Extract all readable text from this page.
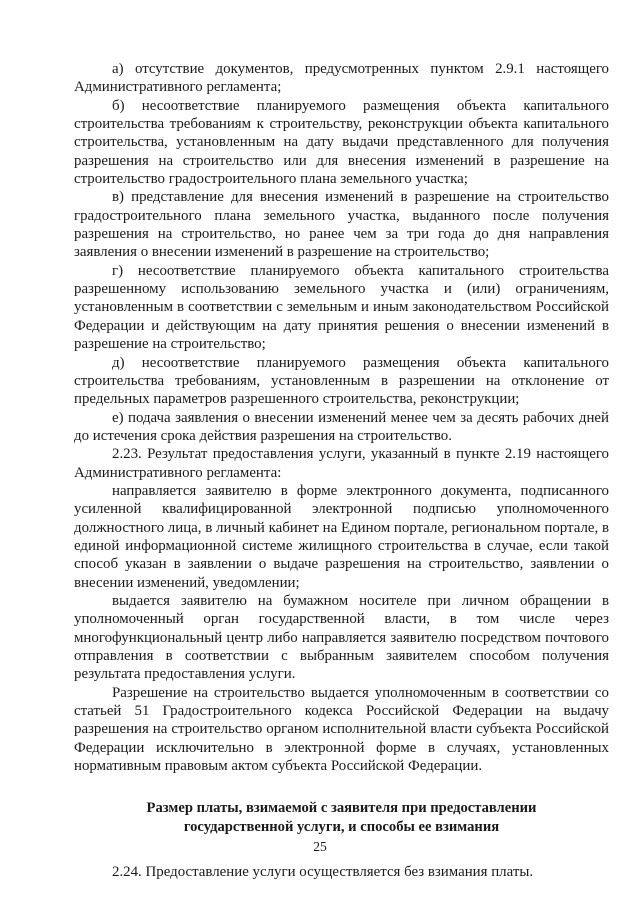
а) отсутствие документов, предусмотренных пунктом 2.9.1 настоящего Административного регламента;

б) несоответствие планируемого размещения объекта капитального строительства требованиям к строительству, реконструкции объекта капитального строительства, установленным на дату выдачи представленного для получения разрешения на строительство или для внесения изменений в разрешение на строительство градостроительного плана земельного участка;

в) представление для внесения изменений в разрешение на строительство градостроительного плана земельного участка, выданного после получения разрешения на строительство, но ранее чем за три года до дня направления заявления о внесении изменений в разрешение на строительство;

г) несоответствие планируемого объекта капитального строительства разрешенному использованию земельного участка и (или) ограничениям, установленным в соответствии с земельным и иным законодательством Российской Федерации и действующим на дату принятия решения о внесении изменений в разрешение на строительство;

д) несоответствие планируемого размещения объекта капитального строительства требованиям, установленным в разрешении на отклонение от предельных параметров разрешенного строительства, реконструкции;

е) подача заявления о внесении изменений менее чем за десять рабочих дней до истечения срока действия разрешения на строительство.

2.23. Результат предоставления услуги, указанный в пункте 2.19 настоящего Административного регламента:

направляется заявителю в форме электронного документа, подписанного усиленной квалифицированной электронной подписью уполномоченного должностного лица, в личный кабинет на Едином портале, региональном портале, в единой информационной системе жилищного строительства в случае, если такой способ указан в заявлении о выдаче разрешения на строительство, заявлении о внесении изменений, уведомлении;

выдается заявителю на бумажном носителе при личном обращении в уполномоченный орган государственной власти, в том числе через многофункциональный центр либо направляется заявителю посредством почтового отправления в соответствии с выбранным заявителем способом получения результата предоставления услуги.

Разрешение на строительство выдается уполномоченным в соответствии со статьей 51 Градостроительного кодекса Российской Федерации на выдачу разрешения на строительство органом исполнительной власти субъекта Российской Федерации исключительно в электронной форме в случаях, установленных нормативным правовым актом субъекта Российской Федерации.

Размер платы, взимаемой с заявителя при предоставлении
государственной услуги, и способы ее взимания

2.24. Предоставление услуги осуществляется без взимания платы.

25
